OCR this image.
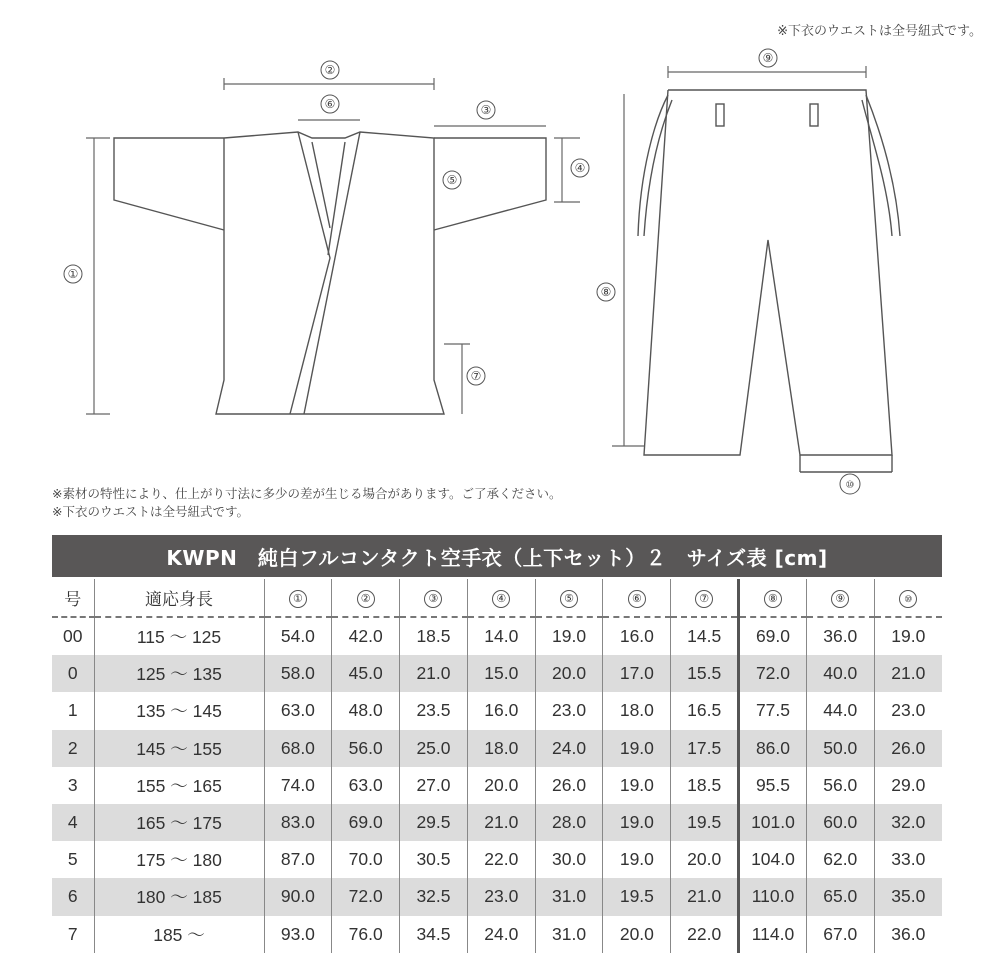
※下衣のウエストは全号紐式です。
①
②
③
④
⑤
⑥
⑦
⑧
⑨
⑩
※素材の特性により、仕上がり寸法に多少の差が生じる場合があります。ご了承ください。
※下衣のウエストは全号紐式です。
KWPN　純白フルコンタクト空手衣（上下セット）２　サイズ表 [cm]
号	適応身長	①	②	③	④	⑤	⑥	⑦	⑧	⑨	⑩
00	115 〜 125	54.0	42.0	18.5	14.0	19.0	16.0	14.5	69.0	36.0	19.0
0	125 〜 135	58.0	45.0	21.0	15.0	20.0	17.0	15.5	72.0	40.0	21.0
1	135 〜 145	63.0	48.0	23.5	16.0	23.0	18.0	16.5	77.5	44.0	23.0
2	145 〜 155	68.0	56.0	25.0	18.0	24.0	19.0	17.5	86.0	50.0	26.0
3	155 〜 165	74.0	63.0	27.0	20.0	26.0	19.0	18.5	95.5	56.0	29.0
4	165 〜 175	83.0	69.0	29.5	21.0	28.0	19.0	19.5	101.0	60.0	32.0
5	175 〜 180	87.0	70.0	30.5	22.0	30.0	19.0	20.0	104.0	62.0	33.0
6	180 〜 185	90.0	72.0	32.5	23.0	31.0	19.5	21.0	110.0	65.0	35.0
7	185 〜	93.0	76.0	34.5	24.0	31.0	20.0	22.0	114.0	67.0	36.0
